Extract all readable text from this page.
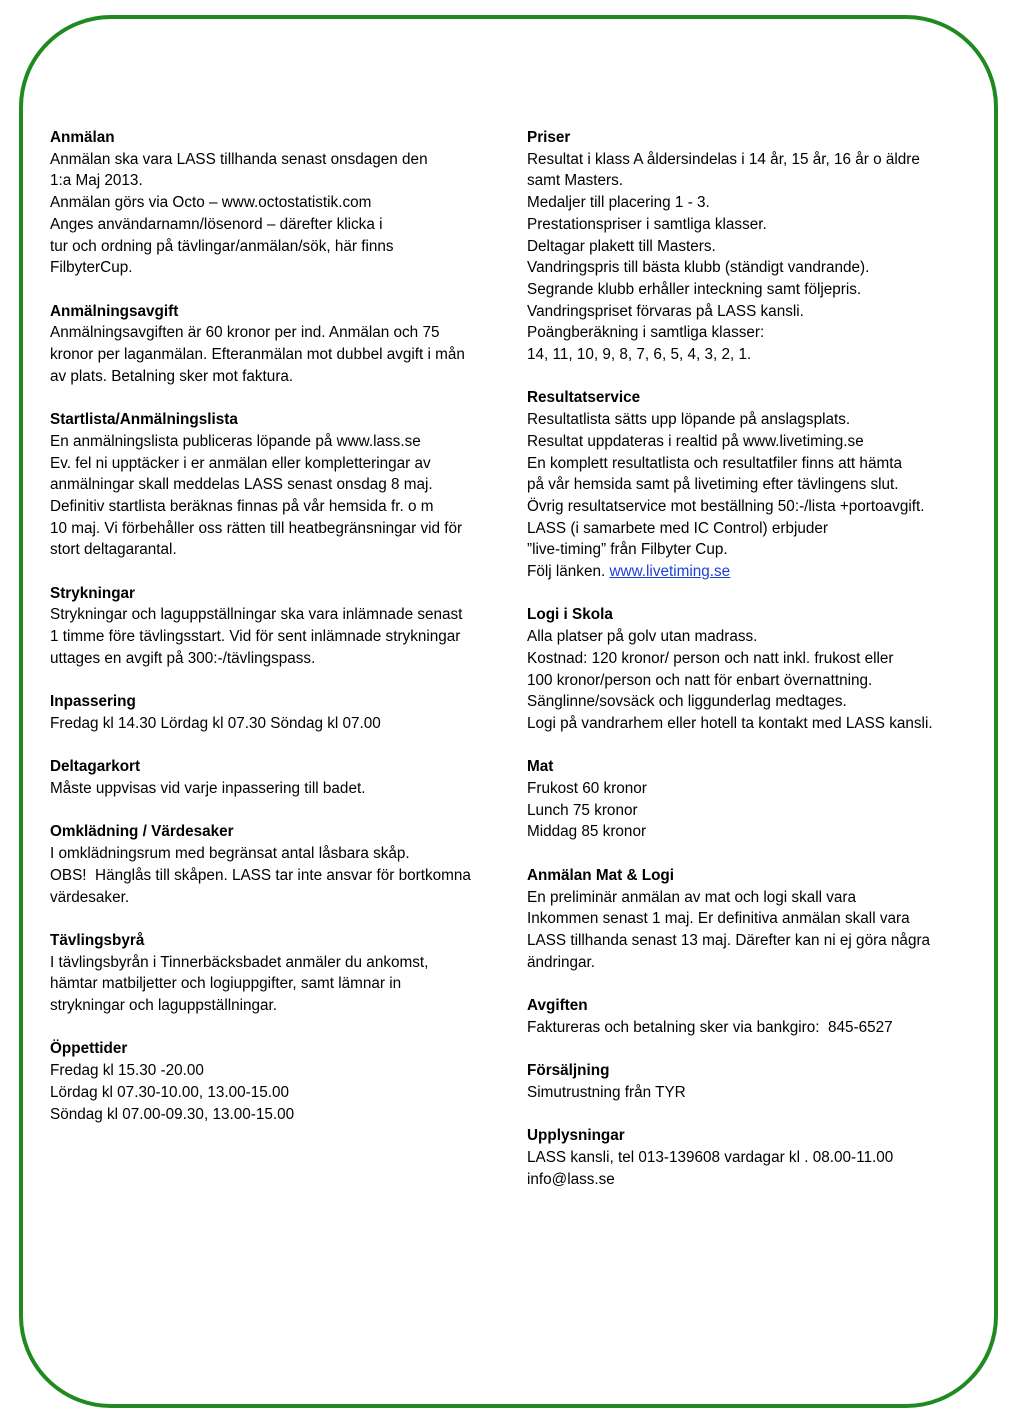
Anmälan
Anmälan ska vara LASS tillhanda senast onsdagen den
1:a Maj 2013.
Anmälan görs via Octo – www.octostatistik.com
Anges användarnamn/lösenord – därefter klicka i
tur och ordning på tävlingar/anmälan/sök, här finns
FilbyterCup.
Anmälningsavgift
Anmälningsavgiften är 60 kronor per ind. Anmälan och 75
kronor per laganmälan. Efteranmälan mot dubbel avgift i mån
av plats. Betalning sker mot faktura.
Startlista/Anmälningslista
En anmälningslista publiceras löpande på www.lass.se
Ev. fel ni upptäcker i er anmälan eller kompletteringar av
anmälningar skall meddelas LASS senast onsdag 8 maj.
Definitiv startlista beräknas finnas på vår hemsida fr. o m
10 maj. Vi förbehåller oss rätten till heatbegränsningar vid för
stort deltagarantal.
Strykningar
Strykningar och laguppställningar ska vara inlämnade senast
1 timme före tävlingsstart. Vid för sent inlämnade strykningar
uttages en avgift på 300:-/tävlingspass.
Inpassering
Fredag kl 14.30 Lördag kl 07.30 Söndag kl 07.00
Deltagarkort
Måste uppvisas vid varje inpassering till badet.
Omklädning / Värdesaker
I omklädningsrum med begränsat antal låsbara skåp.
OBS!  Hänglås till skåpen. LASS tar inte ansvar för bortkomna
värdesaker.
Tävlingsbyrå
I tävlingsbyrån i Tinnerbäcksbadet anmäler du ankomst,
hämtar matbiljetter och logiuppgifter, samt lämnar in
strykningar och laguppställningar.
Öppettider
Fredag kl 15.30 -20.00
Lördag kl 07.30-10.00, 13.00-15.00
Söndag kl 07.00-09.30, 13.00-15.00
Priser
Resultat i klass A åldersindelas i 14 år, 15 år, 16 år o äldre
samt Masters.
Medaljer till placering 1 - 3.
Prestationspriser i samtliga klasser.
Deltagar plakett till Masters.
Vandringspris till bästa klubb (ständigt vandrande).
Segrande klubb erhåller inteckning samt följepris.
Vandringspriset förvaras på LASS kansli.
Poängberäkning i samtliga klasser:
14, 11, 10, 9, 8, 7, 6, 5, 4, 3, 2, 1.
Resultatservice
Resultatlista sätts upp löpande på anslagsplats.
Resultat uppdateras i realtid på www.livetiming.se
En komplett resultatlista och resultatfiler finns att hämta
på vår hemsida samt på livetiming efter tävlingens slut.
Övrig resultatservice mot beställning 50:-/lista +portoavgift.
LASS (i samarbete med IC Control) erbjuder
”live-timing” från Filbyter Cup.
Följ länken. www.livetiming.se
Logi i Skola
Alla platser på golv utan madrass.
Kostnad: 120 kronor/ person och natt inkl. frukost eller
100 kronor/person och natt för enbart övernattning.
Sänglinne/sovsäck och liggunderlag medtages.
Logi på vandrarhem eller hotell ta kontakt med LASS kansli.
Mat
Frukost 60 kronor
Lunch 75 kronor
Middag 85 kronor
Anmälan Mat & Logi
En preliminär anmälan av mat och logi skall vara
Inkommen senast 1 maj. Er definitiva anmälan skall vara
LASS tillhanda senast 13 maj. Därefter kan ni ej göra några
ändringar.
Avgiften
Faktureras och betalning sker via bankgiro:  845-6527
Försäljning
Simutrustning från TYR
Upplysningar
LASS kansli, tel 013-139608 vardagar kl . 08.00-11.00
info@lass.se
